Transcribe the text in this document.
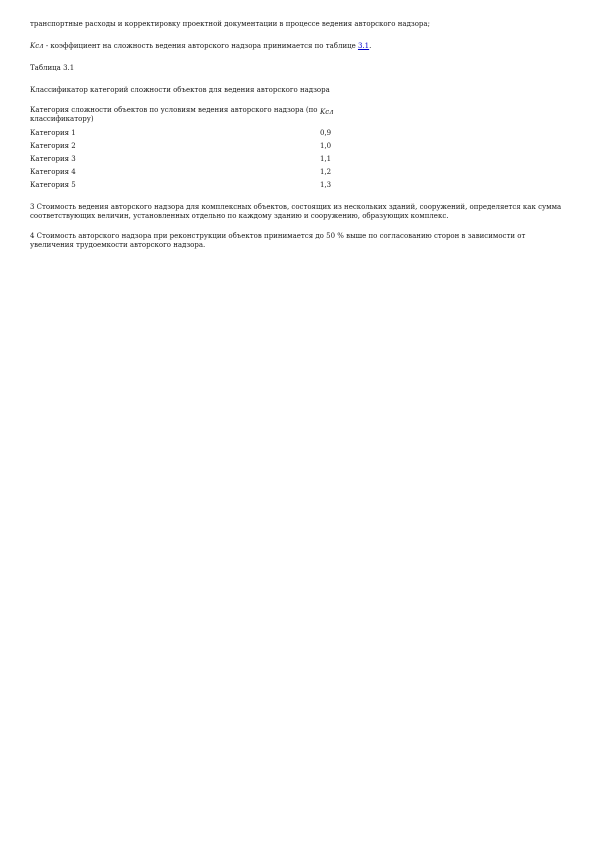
транспортные расходы и корректировку проектной документации в процессе ведения авторского надзора;

Kcл - коэффициент на сложность ведения авторского надзора принимается по таблице 3.1.

Таблица 3.1

Классификатор категорий сложности объектов для ведения авторского надзора

Категория сложности объектов по условиям ведения авторского надзора (по классификатору)	Kcл
Категория 1	0,9
Категория 2	1,0
Категория 3	1,1
Категория 4	1,2
Категория 5	1,3

3 Стоимость ведения авторского надзора для комплексных объектов, состоящих из нескольких зданий, сооружений, определяется как сумма соответствующих величин, установленных отдельно по каждому зданию и сооружению, образующих комплекс.

4 Стоимость авторского надзора при реконструкции объектов принимается до 50 % выше по согласованию сторон в зависимости от увеличения трудоемкости авторского надзора.
